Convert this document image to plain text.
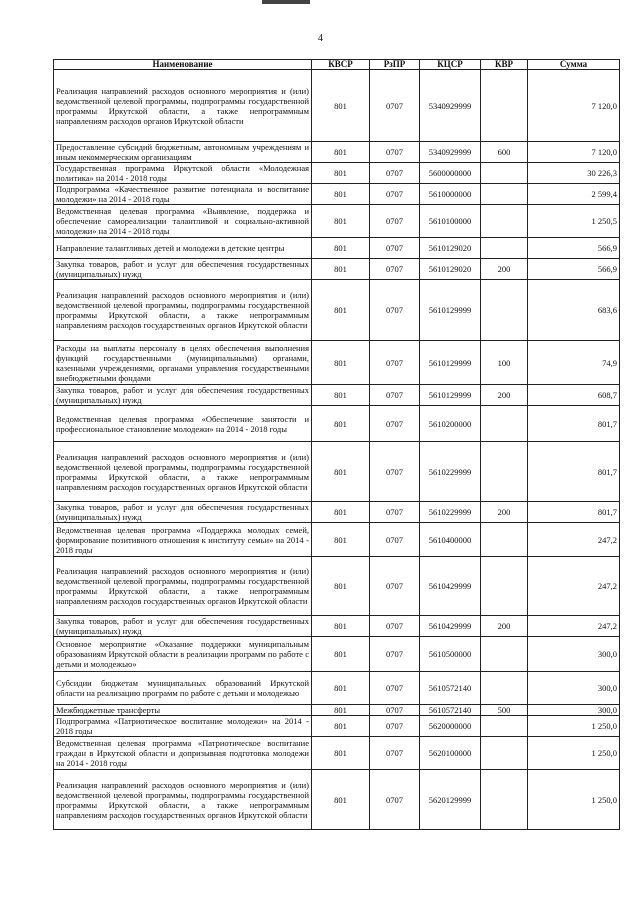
4
Наименование	КВСР	РзПР	КЦСР	КВР	Сумма
Реализация направлений расходов основного мероприятия и (или) ведомственной целевой программы, подпрограммы государственной программы Иркутской области, а также непрограммным направлениям расходов органов Иркутской области	801	0707	5340929999		7 120,0
Предоставление субсидий бюджетным, автономным учреждениям и иным некоммерческим организациям	801	0707	5340929999	600	7 120,0
Государственная программа Иркутской области «Молодежная политика» на 2014 - 2018 годы	801	0707	5600000000		30 226,3
Подпрограмма «Качественное развитие потенциала и воспитание молодежи» на 2014 - 2018 годы	801	0707	5610000000		2 599,4
Ведомственная целевая программа «Выявление, поддержка и обеспечение самореализации талантливой и социально-активной молодежи» на 2014 - 2018 годы	801	0707	5610100000		1 250,5
Направление талантливых детей и молодежи в детские центры	801	0707	5610129020		566,9
Закупка товаров, работ и услуг для обеспечения государственных (муниципальных) нужд	801	0707	5610129020	200	566,9
Реализация направлений расходов основного мероприятия и (или) ведомственной целевой программы, подпрограммы государственной программы Иркутской области, а также непрограммным направлениям расходов государственных органов Иркутской области	801	0707	5610129999		683,6
Расходы на выплаты персоналу в целях обеспечения выполнения функций государственными (муниципальными) органами, казенными учреждениями, органами управления государственными внебюджетными фондами	801	0707	5610129999	100	74,9
Закупка товаров, работ и услуг для обеспечения государственных (муниципальных) нужд	801	0707	5610129999	200	608,7
Ведомственная целевая программа «Обеспечение занятости и профессиональное становление молодежи» на 2014 - 2018 годы	801	0707	5610200000		801,7
Реализация направлений расходов основного мероприятия и (или) ведомственной целевой программы, подпрограммы государственной программы Иркутской области, а также непрограммным направлениям расходов государственных органов Иркутской области	801	0707	5610229999		801,7
Закупка товаров, работ и услуг для обеспечения государственных (муниципальных) нужд	801	0707	5610229999	200	801,7
Ведомственная целевая программа «Поддержка молодых семей, формирование позитивного отношения к институту семьи» на 2014 - 2018 годы	801	0707	5610400000		247,2
Реализация направлений расходов основного мероприятия и (или) ведомственной целевой программы, подпрограммы государственной программы Иркутской области, а также непрограммным направлениям расходов государственных органов Иркутской области	801	0707	5610429999		247,2
Закупка товаров, работ и услуг для обеспечения государственных (муниципальных) нужд	801	0707	5610429999	200	247,2
Основное мероприятие «Оказание поддержки муниципальным образованиям Иркутской области в реализации программ по работе с детьми и молодежью»	801	0707	5610500000		300,0
Субсидии бюджетам муниципальных образований Иркутской области на реализацию программ по работе с детьми и молодежью	801	0707	5610572140		300,0
Межбюджетные трансферты	801	0707	5610572140	500	300,0
Подпрограмма «Патриотическое воспитание молодежи» на 2014 - 2018 годы	801	0707	5620000000		1 250,0
Ведомственная целевая программа «Патриотическое воспитание граждан в Иркутской области и допризывная подготовка молодежи на 2014 - 2018 годы	801	0707	5620100000		1 250,0
Реализация направлений расходов основного мероприятия и (или) ведомственной целевой программы, подпрограммы государственной программы Иркутской области, а также непрограммным направлениям расходов государственных органов Иркутской области	801	0707	5620129999		1 250,0
